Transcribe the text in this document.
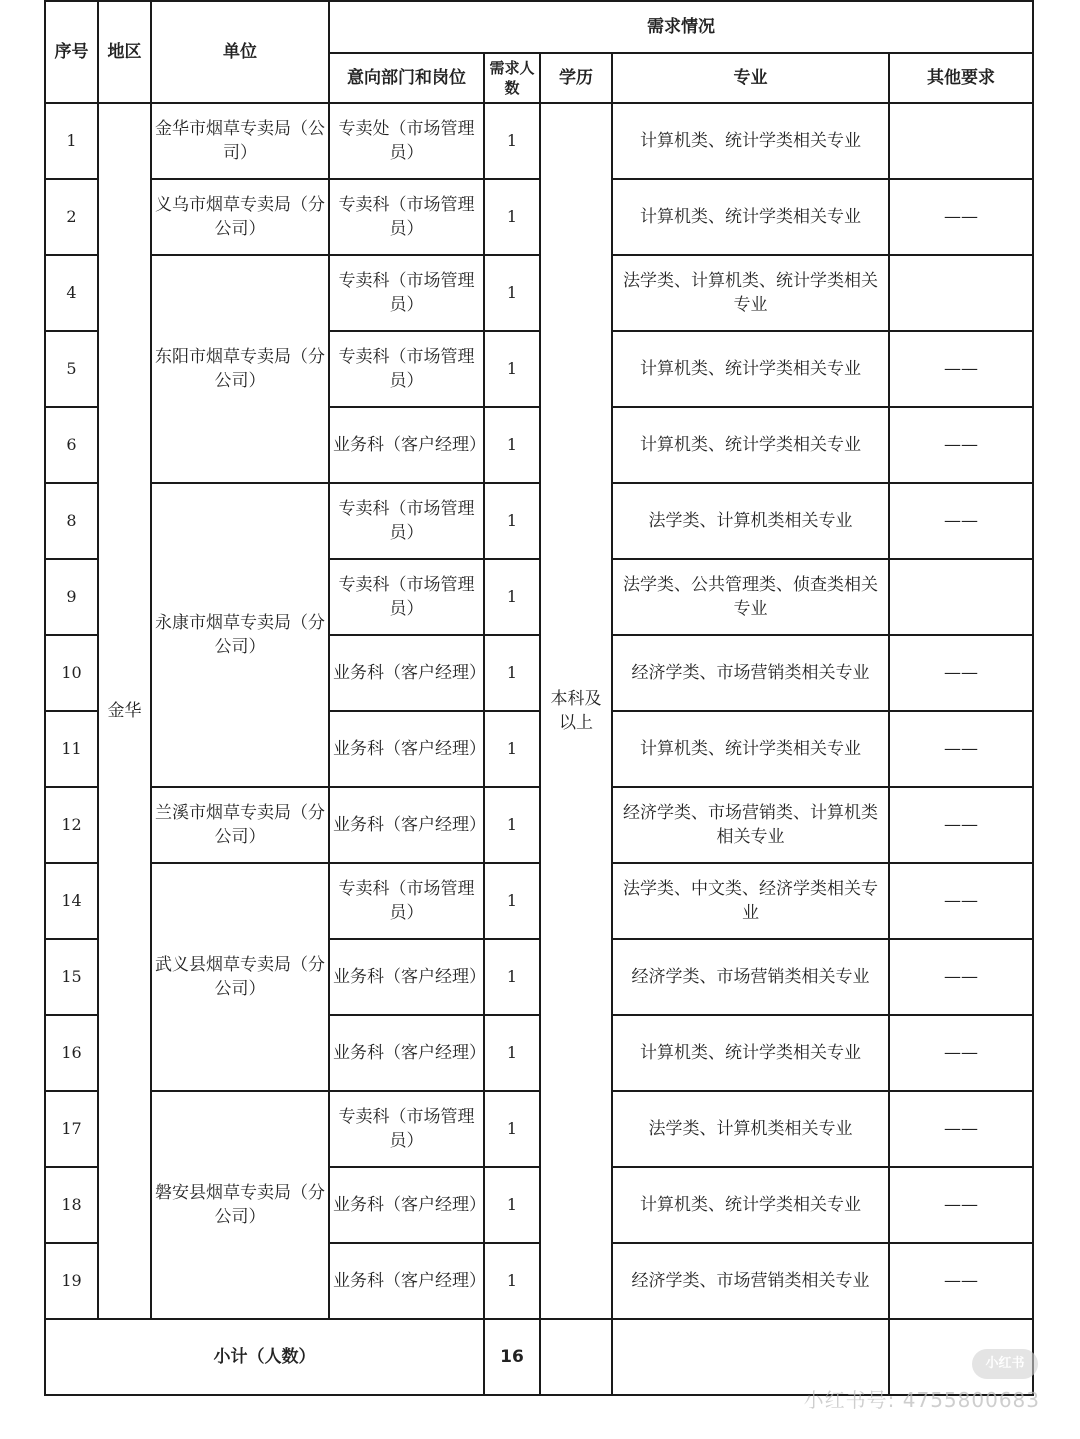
序号	地区	单位	需求情况				
			意向部门和岗位	需求人数	学历	专业	其他要求
1	金华	金华市烟草专卖局（公司）	专卖处（市场管理员）	1	本科及以上	计算机类、统计学类相关专业	
2		义乌市烟草专卖局（分公司）	专卖科（市场管理员）	1		计算机类、统计学类相关专业	——
4		东阳市烟草专卖局（分公司）	专卖科（市场管理员）	1		法学类、计算机类、统计学类相关专业	
5			专卖科（市场管理员）	1		计算机类、统计学类相关专业	——
6			业务科（客户经理）	1		计算机类、统计学类相关专业	——
8		永康市烟草专卖局（分公司）	专卖科（市场管理员）	1		法学类、计算机类相关专业	——
9			专卖科（市场管理员）	1		法学类、公共管理类、侦查类相关专业	
10			业务科（客户经理）	1		经济学类、市场营销类相关专业	——
11			业务科（客户经理）	1		计算机类、统计学类相关专业	——
12		兰溪市烟草专卖局（分公司）	业务科（客户经理）	1		经济学类、市场营销类、计算机类相关专业	——
14		武义县烟草专卖局（分公司）	专卖科（市场管理员）	1		法学类、中文类、经济学类相关专业	——
15			业务科（客户经理）	1		经济学类、市场营销类相关专业	——
16			业务科（客户经理）	1		计算机类、统计学类相关专业	——
17		磐安县烟草专卖局（分公司）	专卖科（市场管理员）	1		法学类、计算机类相关专业	——
18			业务科（客户经理）	1		计算机类、统计学类相关专业	——
19			业务科（客户经理）	1		经济学类、市场营销类相关专业	——
小计（人数）				16				小红书
小红书号: 4755800683
